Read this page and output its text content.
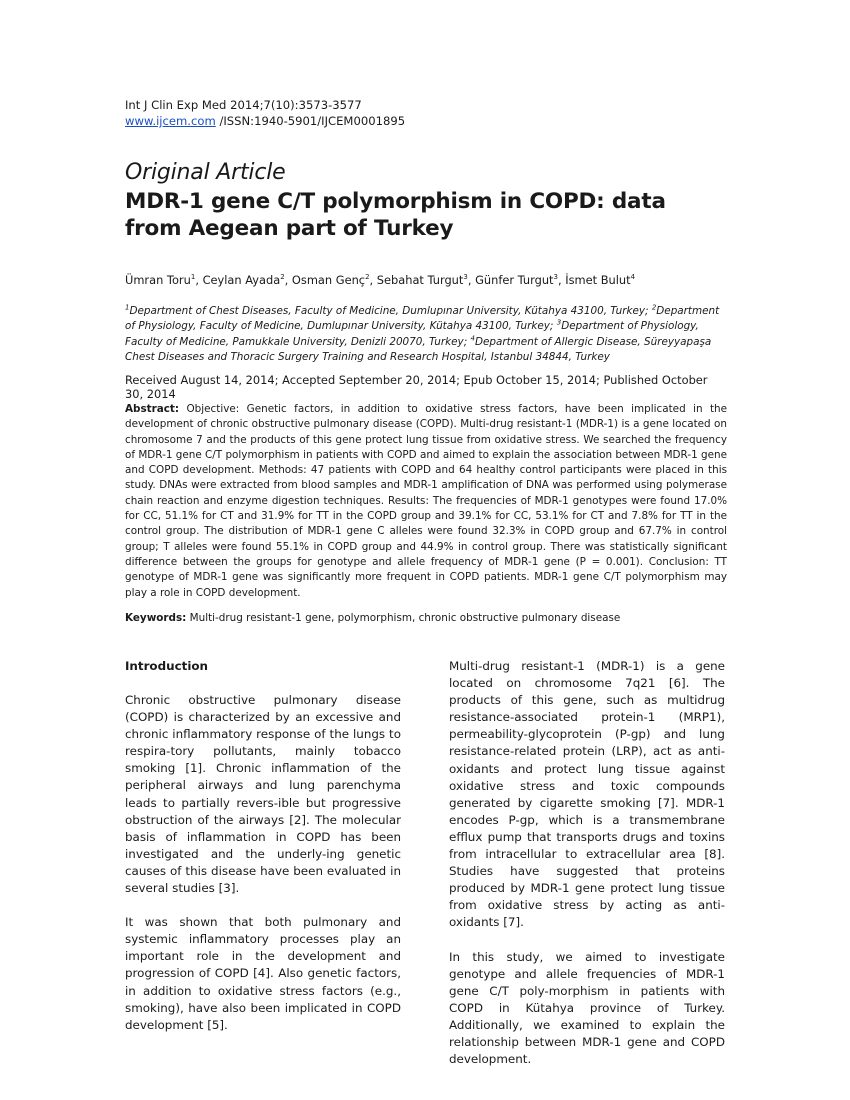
Int J Clin Exp Med 2014;7(10):3573-3577
www.ijcem.com /ISSN:1940-5901/IJCEM0001895
Original Article
MDR-1 gene C/T polymorphism in COPD: data from Aegean part of Turkey
Ümran Toru$^1$, Ceylan Ayada$^2$, Osman Genç$^2$, Sebahat Turgut$^3$, Günfer Turgut$^3$, İsmet Bulut$^4$
$^1$Department of Chest Diseases, Faculty of Medicine, Dumlupınar University, Kütahya 43100, Turkey; $^2$Department of Physiology, Faculty of Medicine, Dumlupınar University, Kütahya 43100, Turkey; $^3$Department of Physiology, Faculty of Medicine, Pamukkale University, Denizli 20070, Turkey; $^4$Department of Allergic Disease, Süreyyapaşa Chest Diseases and Thoracic Surgery Training and Research Hospital, Istanbul 34844, Turkey
Received August 14, 2014; Accepted September 20, 2014; Epub October 15, 2014; Published October 30, 2014
Abstract: Objective: Genetic factors, in addition to oxidative stress factors, have been implicated in the development of chronic obstructive pulmonary disease (COPD). Multi-drug resistant-1 (MDR-1) is a gene located on chromosome 7 and the products of this gene protect lung tissue from oxidative stress. We searched the frequency of MDR-1 gene C/T polymorphism in patients with COPD and aimed to explain the association between MDR-1 gene and COPD development. Methods: 47 patients with COPD and 64 healthy control participants were placed in this study. DNAs were extracted from blood samples and MDR-1 amplification of DNA was performed using polymerase chain reaction and enzyme digestion techniques. Results: The frequencies of MDR-1 genotypes were found 17.0% for CC, 51.1% for CT and 31.9% for TT in the COPD group and 39.1% for CC, 53.1% for CT and 7.8% for TT in the control group. The distribution of MDR-1 gene C alleles were found 32.3% in COPD group and 67.7% in control group; T alleles were found 55.1% in COPD group and 44.9% in control group. There was statistically significant difference between the groups for genotype and allele frequency of MDR-1 gene (P = 0.001). Conclusion: TT genotype of MDR-1 gene was significantly more frequent in COPD patients. MDR-1 gene C/T polymorphism may play a role in COPD development.
Keywords: Multi-drug resistant-1 gene, polymorphism, chronic obstructive pulmonary disease
Introduction

Chronic obstructive pulmonary disease (COPD) is characterized by an excessive and chronic inflammatory response of the lungs to respira-tory pollutants, mainly tobacco smoking [1]. Chronic inflammation of the peripheral airways and lung parenchyma leads to partially revers-ible but progressive obstruction of the airways [2]. The molecular basis of inflammation in COPD has been investigated and the underly-ing genetic causes of this disease have been evaluated in several studies [3].

It was shown that both pulmonary and systemic inflammatory processes play an important role in the development and progression of COPD [4]. Also genetic factors, in addition to oxidative stress factors (e.g., smoking), have also been implicated in COPD development [5].

Multi-drug resistant-1 (MDR-1) is a gene located on chromosome 7q21 [6]. The products of this gene, such as multidrug resistance-associated protein-1 (MRP1), permeability-glycoprotein (P-gp) and lung resistance-related protein (LRP), act as anti-oxidants and protect lung tissue against oxidative stress and toxic compounds generated by cigarette smoking [7]. MDR-1 encodes P-gp, which is a transmembrane efflux pump that transports drugs and toxins from intracellular to extracellular area [8]. Studies have suggested that proteins produced by MDR-1 gene protect lung tissue from oxidative stress by acting as anti-oxidants [7].

In this study, we aimed to investigate genotype and allele frequencies of MDR-1 gene C/T poly-morphism in patients with COPD in Kütahya province of Turkey. Additionally, we examined to explain the relationship between MDR-1 gene and COPD development.
